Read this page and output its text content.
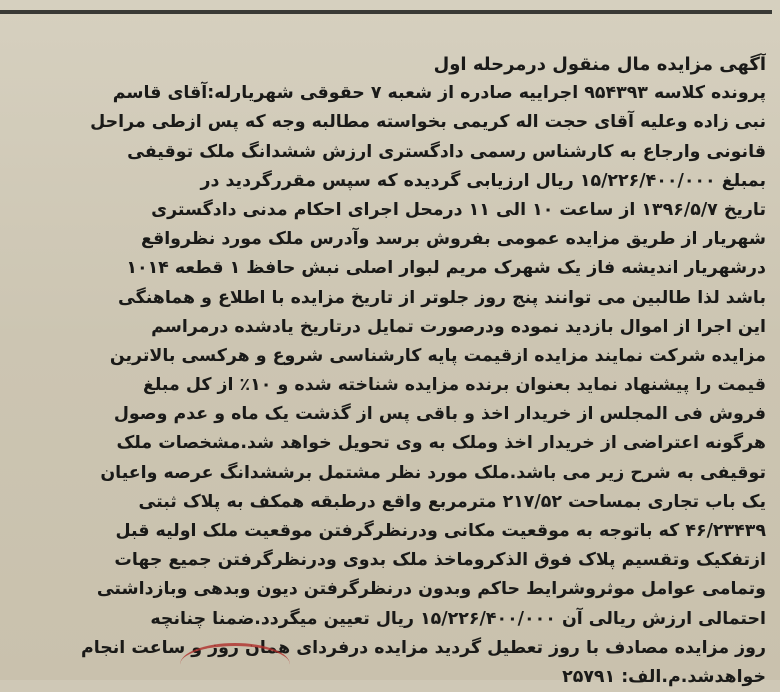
آگهی مزایده مال منقول درمرحله اول
پرونده کلاسه ۹۵۴۳۹۳ اجراییه صادره از شعبه ۷ حقوقی شهریارله:آقای قاسم
نبی زاده وعلیه آقای حجت اله کریمی بخواسته مطالبه وجه که پس ازطی مراحل
قانونی وارجاع به کارشناس رسمی دادگستری ارزش ششدانگ ملک توقیفی
بمبلغ ۱۵/۲۲۶/۴۰۰/۰۰۰ ریال ارزیابی گردیده که سپس مقررگردید در
تاریخ ۱۳۹۶/۵/۷ از ساعت ۱۰ الی ۱۱ درمحل اجرای احکام مدنی دادگستری
شهریار از طریق مزایده عمومی بفروش برسد وآدرس ملک مورد نظرواقع
درشهریار اندیشه فاز یک شهرک مریم لبوار اصلی نبش حافظ ۱ قطعه ۱۰۱۴
باشد لذا طالبین می توانند پنج روز جلوتر از تاریخ مزایده با اطلاع و هماهنگی
این اجرا از اموال بازدید نموده ودرصورت تمایل درتاریخ یادشده درمراسم
مزایده شرکت نمایند مزایده ازقیمت پایه کارشناسی شروع و هرکسی بالاترین
قیمت را پیشنهاد نماید بعنوان برنده مزایده شناخته شده و ۱۰٪ از کل مبلغ
فروش فی المجلس از خریدار اخذ و باقی پس از گذشت یک ماه و عدم وصول
هرگونه اعتراضی از خریدار اخذ وملک به وی تحویل خواهد شد.مشخصات ملک
توقیفی به شرح زیر می باشد.ملک مورد نظر مشتمل برششدانگ عرصه واعیان
یک باب تجاری بمساحت ۲۱۷/۵۲ مترمربع واقع درطبقه همکف به پلاک ثبتی
۴۶/۲۳۴۳۹ که باتوجه به موقعیت مکانی ودرنظرگرفتن موقعیت ملک اولیه قبل
ازتفکیک وتقسیم پلاک فوق الذکروماخذ ملک بدوی ودرنظرگرفتن جمیع جهات
وتمامی عوامل موثروشرایط حاکم وبدون درنظرگرفتن دیون وبدهی وبازداشتی
احتمالی ارزش ریالی آن ۱۵/۲۲۶/۴۰۰/۰۰۰ ریال تعیین میگردد.ضمنا چنانچه
روز مزایده مصادف با روز تعطیل گردید مزایده درفردای همان روز و ساعت انجام
خواهدشد.م.الف: ۲۵۷۹۱
